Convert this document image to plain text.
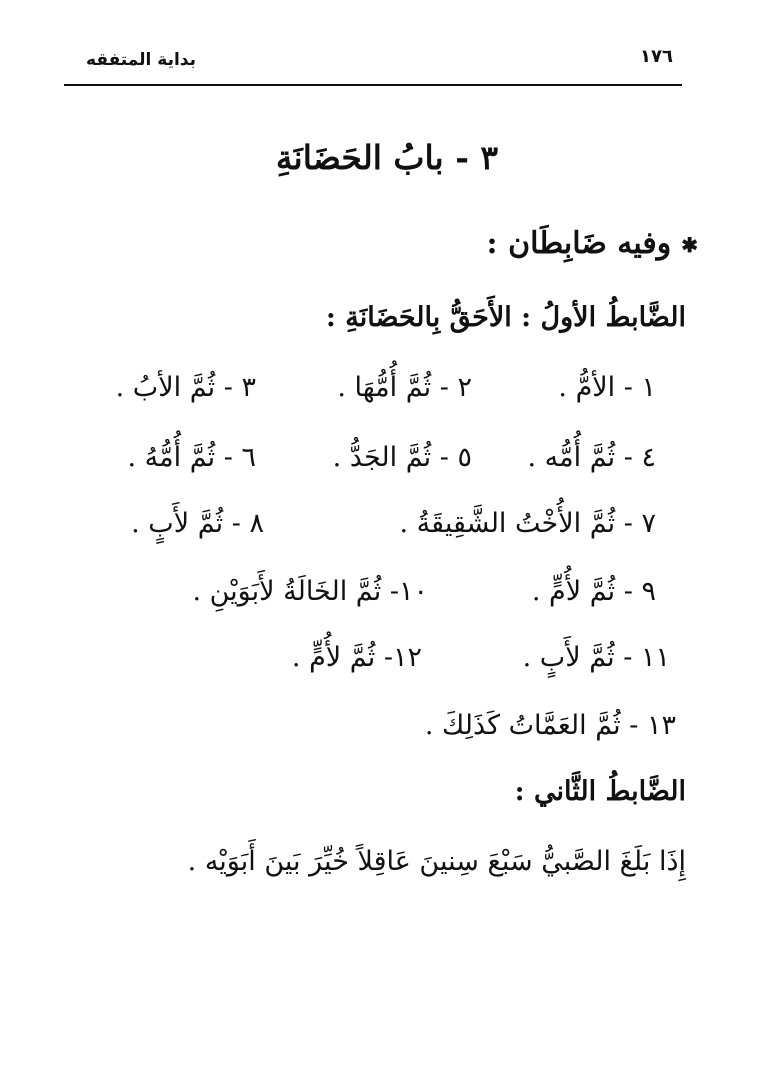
بداية المتفقه	١٧٦
٣ - بابُ الحَضَانَةِ
✱وفيه ضَابِطَان :
الضَّابطُ الأولُ : الأَحَقُّ بِالحَضَانَةِ :
١ - الأمُّ .
٢ - ثُمَّ أُمُّهَا .
٣ - ثُمَّ الأبُ .
٤ - ثُمَّ أُمُّه .
٥ - ثُمَّ الجَدُّ .
٦ - ثُمَّ أُمُّهُ .
٧ - ثُمَّ الأُخْتُ الشَّقِيقَةُ .
٨ - ثُمَّ لأَبٍ .
٩ - ثُمَّ لأُمٍّ .
١٠- ثُمَّ الخَالَةُ لأَبَوَيْنِ .
١١ - ثُمَّ لأَبٍ .
١٢- ثُمَّ لأُمٍّ .
١٣ - ثُمَّ العَمَّاتُ كَذَلِكَ .
الضَّابطُ الثَّاني :
إِذَا بَلَغَ الصَّبيُّ سَبْعَ سِنينَ عَاقِلاً خُيِّرَ بَينَ أَبَوَيْه .
